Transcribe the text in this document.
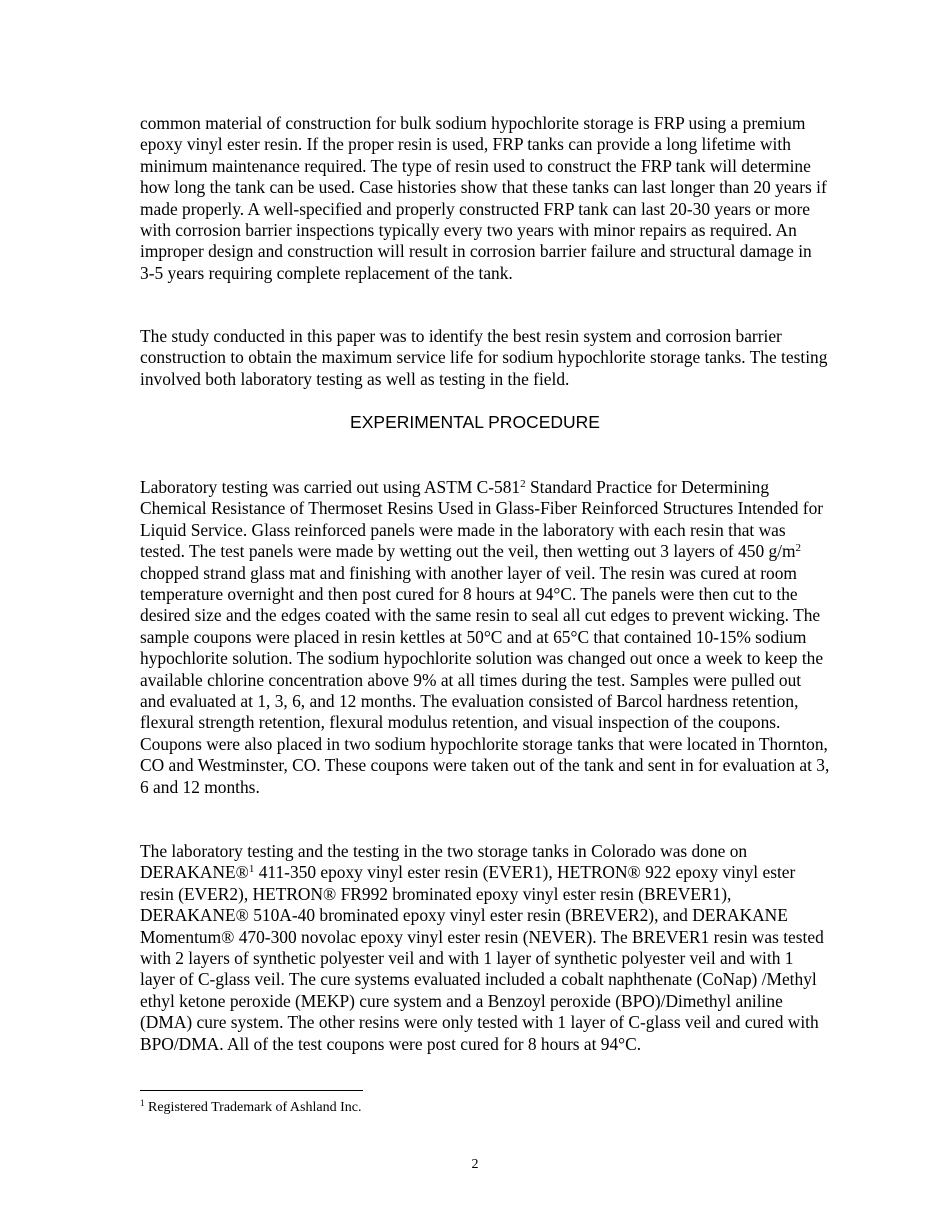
common material of construction for bulk sodium hypochlorite storage is FRP using a premium epoxy vinyl ester resin. If the proper resin is used, FRP tanks can provide a long lifetime with minimum maintenance required. The type of resin used to construct the FRP tank will determine how long the tank can be used. Case histories show that these tanks can last longer than 20 years if made properly. A well-specified and properly constructed FRP tank can last 20-30 years or more with corrosion barrier inspections typically every two years with minor repairs as required. An improper design and construction will result in corrosion barrier failure and structural damage in 3-5 years requiring complete replacement of the tank.

The study conducted in this paper was to identify the best resin system and corrosion barrier construction to obtain the maximum service life for sodium hypochlorite storage tanks. The testing involved both laboratory testing as well as testing in the field.

EXPERIMENTAL PROCEDURE

Laboratory testing was carried out using ASTM $C-581^2$ Standard Practice for Determining Chemical Resistance of Thermoset Resins Used in Glass-Fiber Reinforced Structures Intended for Liquid Service. Glass reinforced panels were made in the laboratory with each resin that was tested. The test panels were made by wetting out the veil, then wetting out 3 layers of 450 $g/m^2$ chopped strand glass mat and finishing with another layer of veil. The resin was cured at room temperature overnight and then post cured for 8 hours at 94°C. The panels were then cut to the desired size and the edges coated with the same resin to seal all cut edges to prevent wicking. The sample coupons were placed in resin kettles at 50°C and at 65°C that contained 10-15% sodium hypochlorite solution. The sodium hypochlorite solution was changed out once a week to keep the available chlorine concentration above 9% at all times during the test. Samples were pulled out and evaluated at 1, 3, 6, and 12 months. The evaluation consisted of Barcol hardness retention, flexural strength retention, flexural modulus retention, and visual inspection of the coupons. Coupons were also placed in two sodium hypochlorite storage tanks that were located in Thornton, CO and Westminster, CO. These coupons were taken out of the tank and sent in for evaluation at 3, 6 and 12 months.

The laboratory testing and the testing in the two storage tanks in Colorado was done on DERAKANE®$^1$ 411-350 epoxy vinyl ester resin (EVER1), HETRON® 922 epoxy vinyl ester resin (EVER2), HETRON® FR992 brominated epoxy vinyl ester resin (BREVER1), DERAKANE® 510A-40 brominated epoxy vinyl ester resin (BREVER2), and DERAKANE Momentum® 470-300 novolac epoxy vinyl ester resin (NEVER). The BREVER1 resin was tested with 2 layers of synthetic polyester veil and with 1 layer of synthetic polyester veil and with 1 layer of C-glass veil. The cure systems evaluated included a cobalt naphthenate (CoNap) /Methyl ethyl ketone peroxide (MEKP) cure system and a Benzoyl peroxide (BPO)/Dimethyl aniline (DMA) cure system. The other resins were only tested with 1 layer of C-glass veil and cured with BPO/DMA. All of the test coupons were post cured for 8 hours at 94°C.

$^1$ Registered Trademark of Ashland Inc.
2
